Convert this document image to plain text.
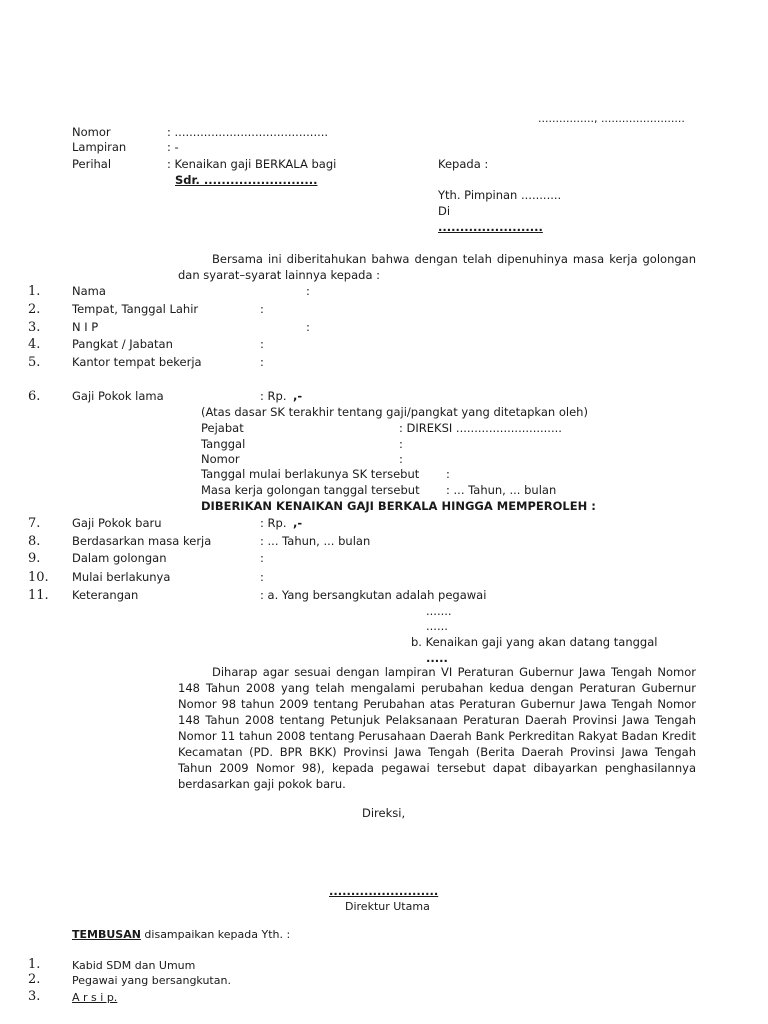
................, ........................
Nomor	: ..........................................
Lampiran	: -
Perihal	: Kenaikan gaji BERKALA bagi
Sdr. ..........................
Kepada :
Yth. Pimpinan ...........
Di
........................
Bersama ini diberitahukan bahwa dengan telah dipenuhinya masa kerja golongan
dan syarat–syarat lainnya kepada :
1.	Nama	:
2.	Tempat, Tanggal Lahir	:
3.	N I P	:
4.	Pangkat / Jabatan	:
5.	Kantor tempat bekerja	:
6.	Gaji Pokok lama	: Rp. ,-
(Atas dasar SK terakhir tentang gaji/pangkat yang ditetapkan oleh)
Pejabat	: DIREKSI .............................
Tanggal	:
Nomor	:
Tanggal mulai berlakunya SK tersebut :
Masa kerja golongan tanggal tersebut : ... Tahun, ... bulan
DIBERIKAN KENAIKAN GAJI BERKALA HINGGA MEMPEROLEH :
7.	Gaji Pokok baru	: Rp. ,-
8.	Berdasarkan masa kerja	: ... Tahun, ... bulan
9.	Dalam golongan	:
10. Mulai berlakunya	:
11. Keterangan	: a. Yang bersangkutan adalah pegawai
.......
......
b. Kenaikan gaji yang akan datang tanggal
.....
Diharap agar sesuai dengan lampiran VI Peraturan Gubernur Jawa Tengah Nomor 148 Tahun 2008 yang telah mengalami perubahan kedua dengan Peraturan Gubernur Nomor 98 tahun 2009 tentang Perubahan atas Peraturan Gubernur Jawa Tengah Nomor 148 Tahun 2008 tentang Petunjuk Pelaksanaan Peraturan Daerah Provinsi Jawa Tengah Nomor 11 tahun 2008 tentang Perusahaan Daerah Bank Perkreditan Rakyat Badan Kredit Kecamatan (PD. BPR BKK) Provinsi Jawa Tengah (Berita Daerah Provinsi Jawa Tengah Tahun 2009 Nomor 98), kepada pegawai tersebut dapat dibayarkan penghasilannya berdasarkan gaji pokok baru.
Direksi,
.........................
Direktur Utama
TEMBUSAN disampaikan kepada Yth. :
1.	Kabid SDM dan Umum
2.	Pegawai yang bersangkutan.
3.	A r s i p.
